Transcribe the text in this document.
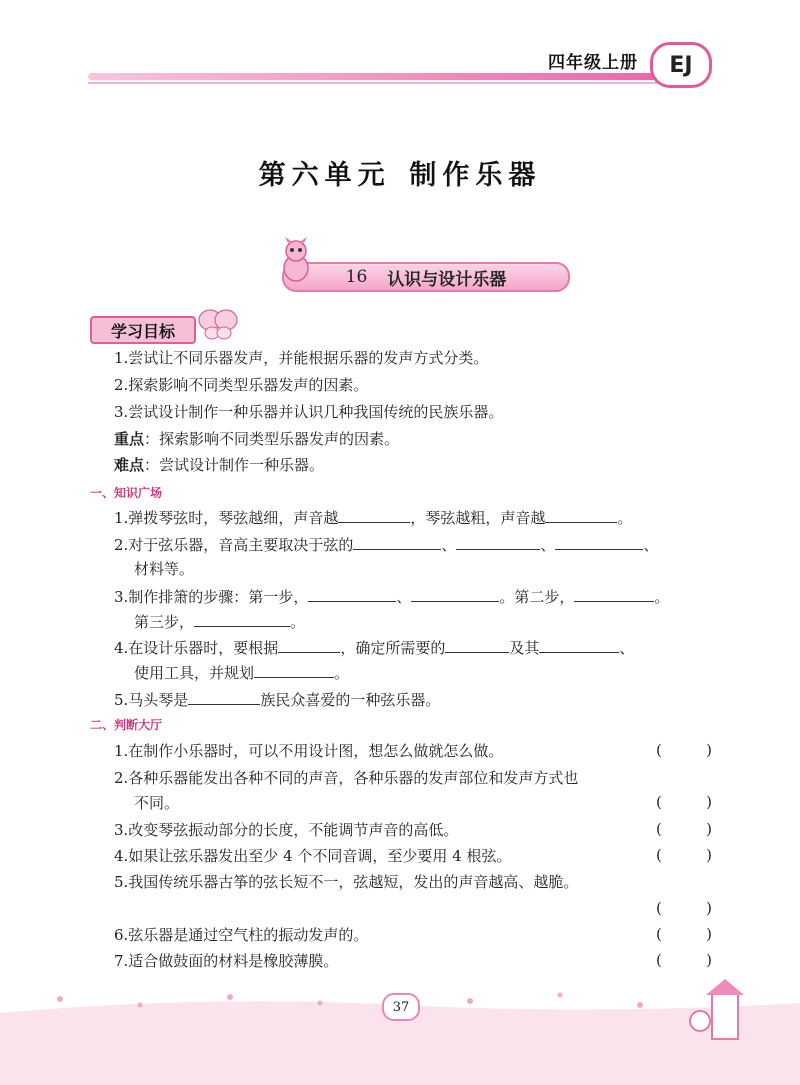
四年级上册	EJ
第六单元 制作乐器
16 认识与设计乐器
学习目标
1.尝试让不同乐器发声，并能根据乐器的发声方式分类。
2.探索影响不同类型乐器发声的因素。
3.尝试设计制作一种乐器并认识几种我国传统的民族乐器。
重点：探索影响不同类型乐器发声的因素。
难点：尝试设计制作一种乐器。
一、知识广场
1.弹拨琴弦时，琴弦越细，声音越	，琴弦越粗，声音越	。
2.对于弦乐器，音高主要取决于弦的	、	、	、
材料等。
3.制作排箫的步骤：第一步，	、	。第二步，	。
第三步，	。
4.在设计乐器时，要根据	，确定所需要的	及其	、
使用工具，并规划	。
5.马头琴是	族民众喜爱的一种弦乐器。
二、判断大厅
1.在制作小乐器时，可以不用设计图，想怎么做就怎么做。	(	)
2.各种乐器能发出各种不同的声音，各种乐器的发声部位和发声方式也
不同。	(	)
3.改变琴弦振动部分的长度，不能调节声音的高低。	(	)
4.如果让弦乐器发出至少 4 个不同音调，至少要用 4 根弦。	(	)
5.我国传统乐器古筝的弦长短不一，弦越短，发出的声音越高、越脆。
(	)
6.弦乐器是通过空气柱的振动发声的。	(	)
7.适合做鼓面的材料是橡胶薄膜。	(	)
37
